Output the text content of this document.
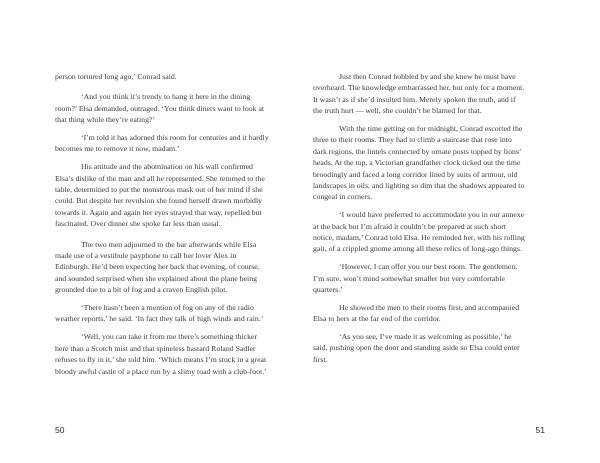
person tortured long ago,’ Conrad said.

‘And you think it’s trendy to hang it here in the dining room?’ Elsa demanded, outraged. ‘You think diners want to look at that thing while they’re eating?’

‘I’m told it has adorned this room for centuries and it hardly becomes me to remove it now, madam.’

His attitude and the abomination on his wall confirmed Elsa’s dislike of the man and all he represented. She returned to the table, determined to put the monstrous mask out of her mind if she could. But despite her revulsion she found herself drawn morbidly towards it. Again and again her eyes strayed that way, repelled but fascinated. Over dinner she spoke far less than usual.

The two men adjourned to the bar afterwards while Elsa made use of a vestibule payphone to call her lover Alex in Edinburgh. He’d been expecting her back that evening, of course, and sounded surprised when she explained about the plane being grounded due to a bit of fog and a craven English pilot.

‘There hasn’t been a mention of fog on any of the radio weather reports,’ he said. ‘In fact they talk of high winds and rain.’

‘Well, you can take it from me there’s something thicker here than a Scotch mist and that spineless bastard Roland Sadler refuses to fly in it,’ she told him. ‘Which means I’m stuck in a great bloody awful castle of a place run by a slimy toad with a club-foot.’

50

Just then Conrad hobbled by and she knew he must have overheard. The knowledge embarrassed her, but only for a moment. It wasn’t as if she’d insulted him. Merely spoken the truth, and if the truth hurt — well, she couldn’t be blamed for that.

With the time getting on for midnight, Conrad escorted the three to their rooms. They had to climb a staircase that rose into dark regions, the lintels connected by ornate posts topped by lions’ heads. At the top, a Victorian grandfather clock ticked out the time broodingly and faced a long corridor lined by suits of armour, old landscapes in oils, and lighting so dim that the shadows appeared to congeal in corners.

‘I would have preferred to accommodate you in our annexe at the back but I’m afraid it couldn’t be prepared at such short notice, madam,’ Conrad told Elsa. He reminded her, with his rolling gait, of a crippled gnome among all these relics of long-ago things.

‘However, I can offer you our best room. The gentlemen, I’m sure, won’t mind somewhat smaller but very comfortable quarters.’

He showed the men to their rooms first, and accompanied Elsa to hers at the far end of the corridor.

‘As you see, I’ve made it as welcoming as possible,’ he said, pushing open the door and standing aside so Elsa could enter first.

51
